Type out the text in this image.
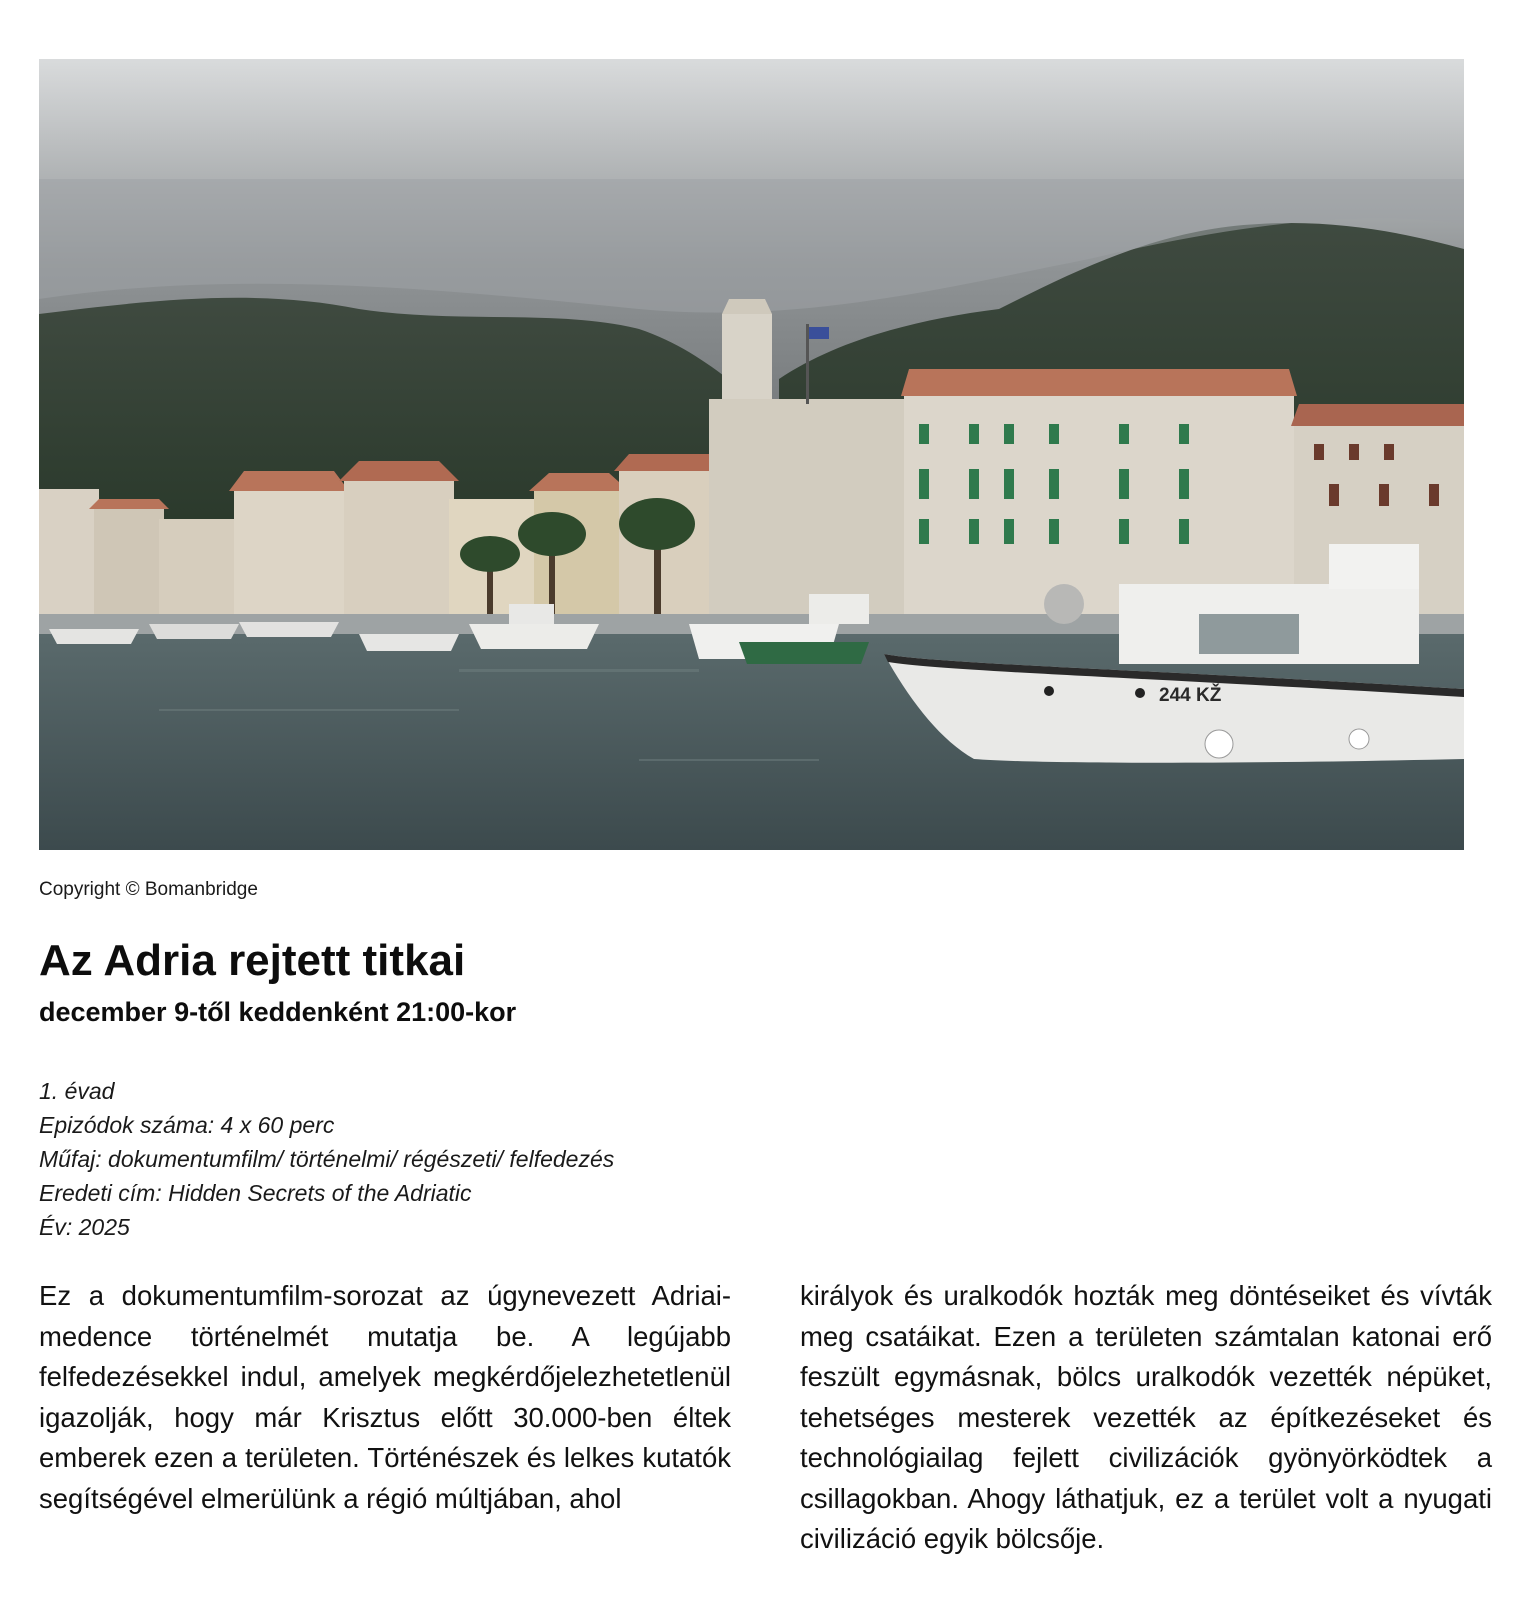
244 KŽ
Copyright © Bomanbridge
Az Adria rejtett titkai
december 9-től keddenként 21:00-kor
1. évad
Epizódok száma: 4 x 60 perc
Műfaj: dokumentumfilm/ történelmi/ régészeti/ felfedezés
Eredeti cím: Hidden Secrets of the Adriatic
Év: 2025

Ez a dokumentumfilm-sorozat az úgynevezett Adriai-medence történelmét mutatja be. A legújabb felfedezésekkel indul, amelyek megkérdőjelezhetetlenül igazolják, hogy már Krisztus előtt 30.000-ben éltek emberek ezen a területen. Történészek és lelkes kutatók segítségével elmerülünk a régió múltjában, ahol

királyok és uralkodók hozták meg döntéseiket és vívták meg csatáikat. Ezen a területen számtalan katonai erő feszült egymásnak, bölcs uralkodók vezették népüket, tehetséges mesterek vezették az építkezéseket és technológiailag fejlett civilizációk gyönyörködtek a csillagokban. Ahogy láthatjuk, ez a terület volt a nyugati civilizáció egyik bölcsője.
